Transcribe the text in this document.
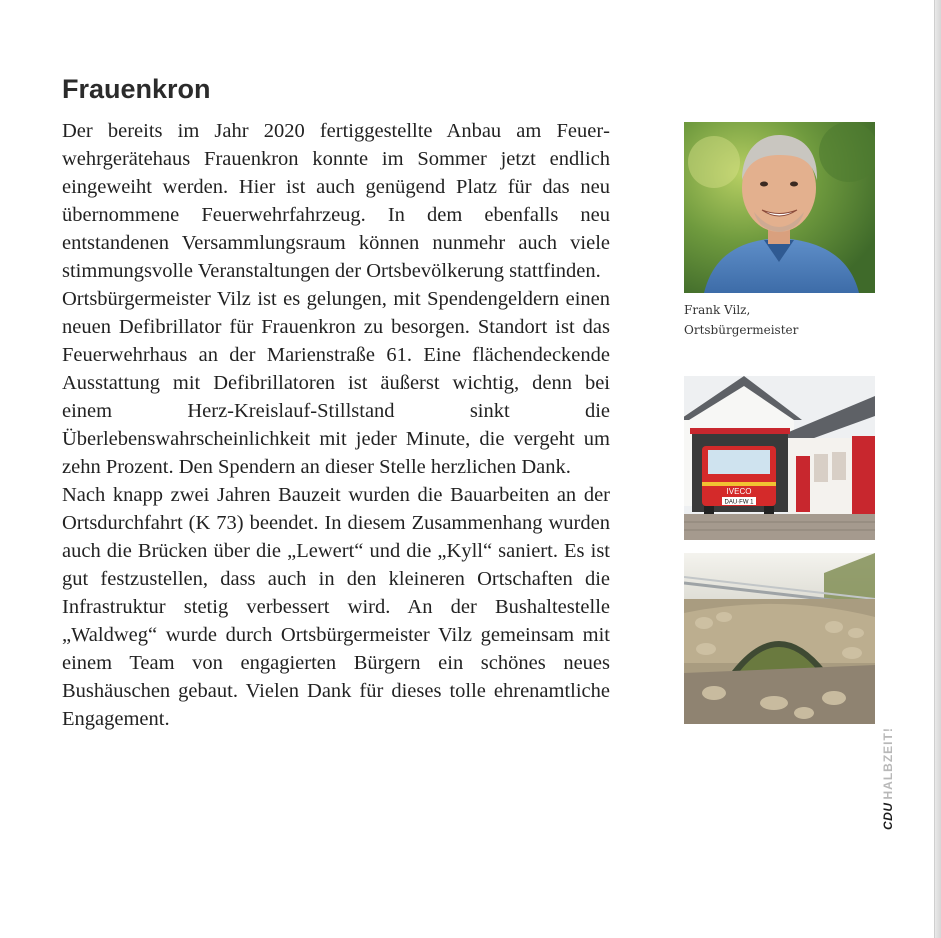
Frauenkron

Der bereits im Jahr 2020 fertiggestellte Anbau am Feuerwehrgerätehaus Frauenkron konnte im Sommer jetzt endlich eingeweiht werden. Hier ist auch genügend Platz für das neu übernommene Feuerwehrfahrzeug. In dem ebenfalls neu entstandenen Versammlungsraum können nunmehr auch viele stimmungsvolle Veranstaltungen der Ortsbevölkerung stattfinden.

Ortsbürgermeister Vilz ist es gelungen, mit Spendengeldern einen neuen Defibrillator für Frauenkron zu besorgen. Standort ist das Feuerwehrhaus an der Marienstraße 61. Eine flächendeckende Ausstattung mit Defibrillatoren ist äußerst wichtig, denn bei einem Herz-Kreislauf-Stillstand sinkt die Überlebenswahrscheinlichkeit mit jeder Minute, die vergeht um zehn Prozent. Den Spendern an dieser Stelle herzlichen Dank.

Nach knapp zwei Jahren Bauzeit wurden die Bauarbeiten an der Ortsdurchfahrt (K 73) beendet. In diesem Zusammenhang wurden auch die Brücken über die „Lewert“ und die „Kyll“ saniert. Es ist gut festzustellen, dass auch in den kleineren Ortschaften die Infrastruktur stetig verbessert wird. An der Bushaltestelle „Waldweg“ wurde durch Ortsbürgermeister Vilz gemeinsam mit einem Team von engagierten Bürgern ein schönes neues Bushäuschen gebaut. Vielen Dank für dieses tolle ehrenamtliche Engagement.

Frank Vilz,
Ortsbürgermeister
IVECO
DAU·FW 1
CDUHALBZEIT!
